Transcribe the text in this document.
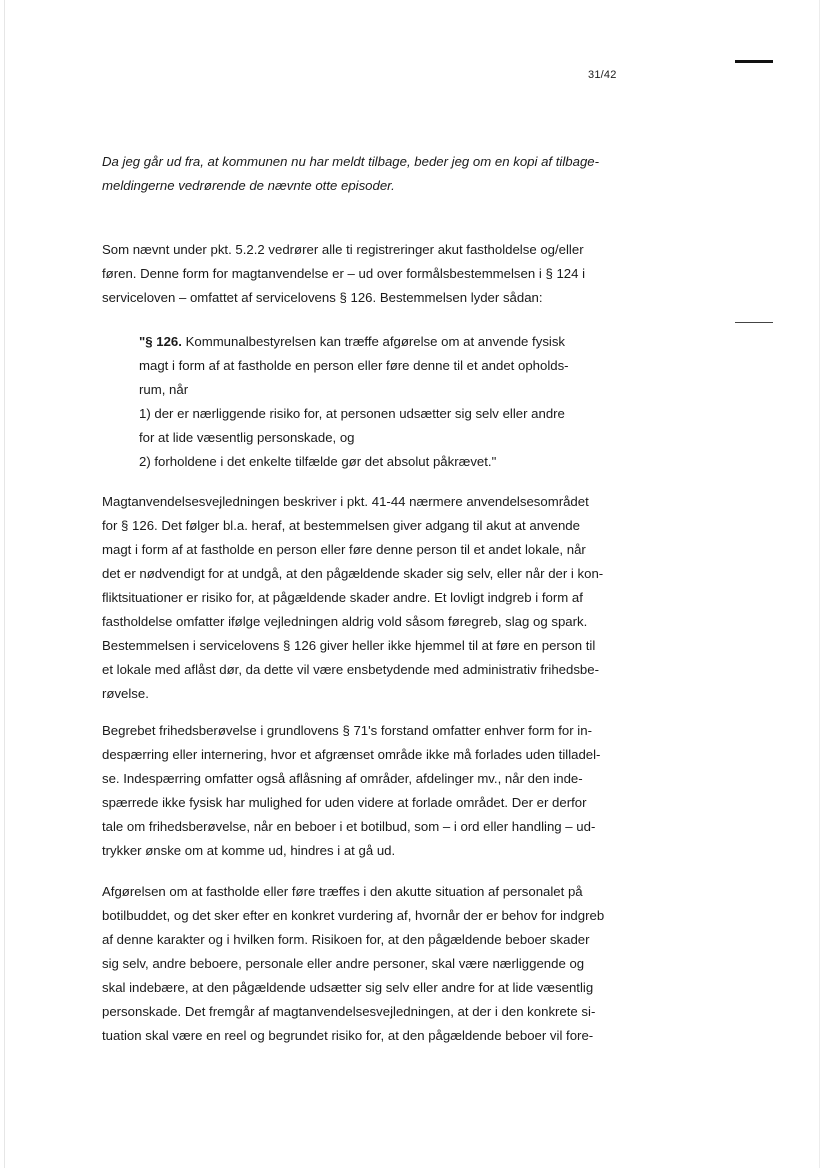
31/42

Da jeg går ud fra, at kommunen nu har meldt tilbage, beder jeg om en kopi af tilbage-

meldingerne vedrørende de nævnte otte episoder.

Som nævnt under pkt. 5.2.2 vedrører alle ti registreringer akut fastholdelse og/eller

føren. Denne form for magtanvendelse er – ud over formålsbestemmelsen i § 124 i

serviceloven – omfattet af servicelovens § 126. Bestemmelsen lyder sådan:

"§ 126. Kommunalbestyrelsen kan træffe afgørelse om at anvende fysisk

magt i form af at fastholde en person eller føre denne til et andet opholds-

rum, når

1) der er nærliggende risiko for, at personen udsætter sig selv eller andre

for at lide væsentlig personskade, og

2) forholdene i det enkelte tilfælde gør det absolut påkrævet."

Magtanvendelsesvejledningen beskriver i pkt. 41-44 nærmere anvendelsesområdet

for § 126. Det følger bl.a. heraf, at bestemmelsen giver adgang til akut at anvende

magt i form af at fastholde en person eller føre denne person til et andet lokale, når

det er nødvendigt for at undgå, at den pågældende skader sig selv, eller når der i kon-

fliktsituationer er risiko for, at pågældende skader andre. Et lovligt indgreb i form af

fastholdelse omfatter ifølge vejledningen aldrig vold såsom føregreb, slag og spark.

Bestemmelsen i servicelovens § 126 giver heller ikke hjemmel til at føre en person til

et lokale med aflåst dør, da dette vil være ensbetydende med administrativ frihedsbe-

røvelse.

Begrebet frihedsberøvelse i grundlovens § 71's forstand omfatter enhver form for in-

despærring eller internering, hvor et afgrænset område ikke må forlades uden tilladel-

se. Indespærring omfatter også aflåsning af områder, afdelinger mv., når den inde-

spærrede ikke fysisk har mulighed for uden videre at forlade området. Der er derfor

tale om frihedsberøvelse, når en beboer i et botilbud, som – i ord eller handling – ud-

trykker ønske om at komme ud, hindres i at gå ud.

Afgørelsen om at fastholde eller føre træffes i den akutte situation af personalet på

botilbuddet, og det sker efter en konkret vurdering af, hvornår der er behov for indgreb

af denne karakter og i hvilken form. Risikoen for, at den pågældende beboer skader

sig selv, andre beboere, personale eller andre personer, skal være nærliggende og

skal indebære, at den pågældende udsætter sig selv eller andre for at lide væsentlig

personskade. Det fremgår af magtanvendelsesvejledningen, at der i den konkrete si-

tuation skal være en reel og begrundet risiko for, at den pågældende beboer vil fore-
